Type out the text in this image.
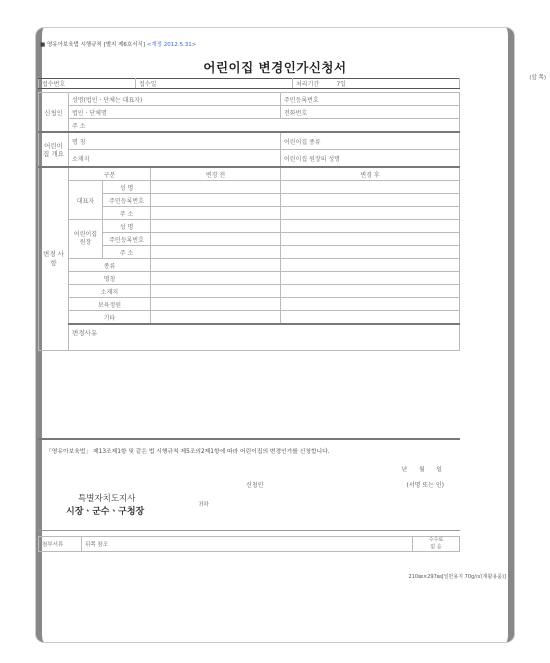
■ 영유아보육법 시행규칙 [별지 제6호서식] <개정 2012.5.31>
어린이집 변경인가신청서
(앞 쪽)
접수번호	접수일	처리기간	7일
신청인	성명(법인ㆍ단체는 대표자)			주민등록번호
	법인ㆍ단체명			전화번호
	주 소			
어린이집 개요	명 칭			어린이집 종류
	소재지			어린이집 원장의 성명
변경 사항	구분		변경 전	변경 후
	대표자	성 명		
		주민등록번호		
		주 소		
	어린이집 원장	성 명		
		주민등록번호		
		주 소		
	종류			
	명칭			
	소재지			
	보육정원			
	기타			
	변경사유			
「영유아보육법」 제13조제1항 및 같은 법 시행규칙 제5조의2제1항에 따라 어린이집의 변경인가를 신청합니다.
년 월 일
신청인	(서명 또는 인)
특별자치도지사
시장ㆍ군수ㆍ구청장
귀하
첨부서류	뒤쪽 참조	수수료
없 음
210㎜×297㎜[일반용지 70g/㎡(재활용품)]
